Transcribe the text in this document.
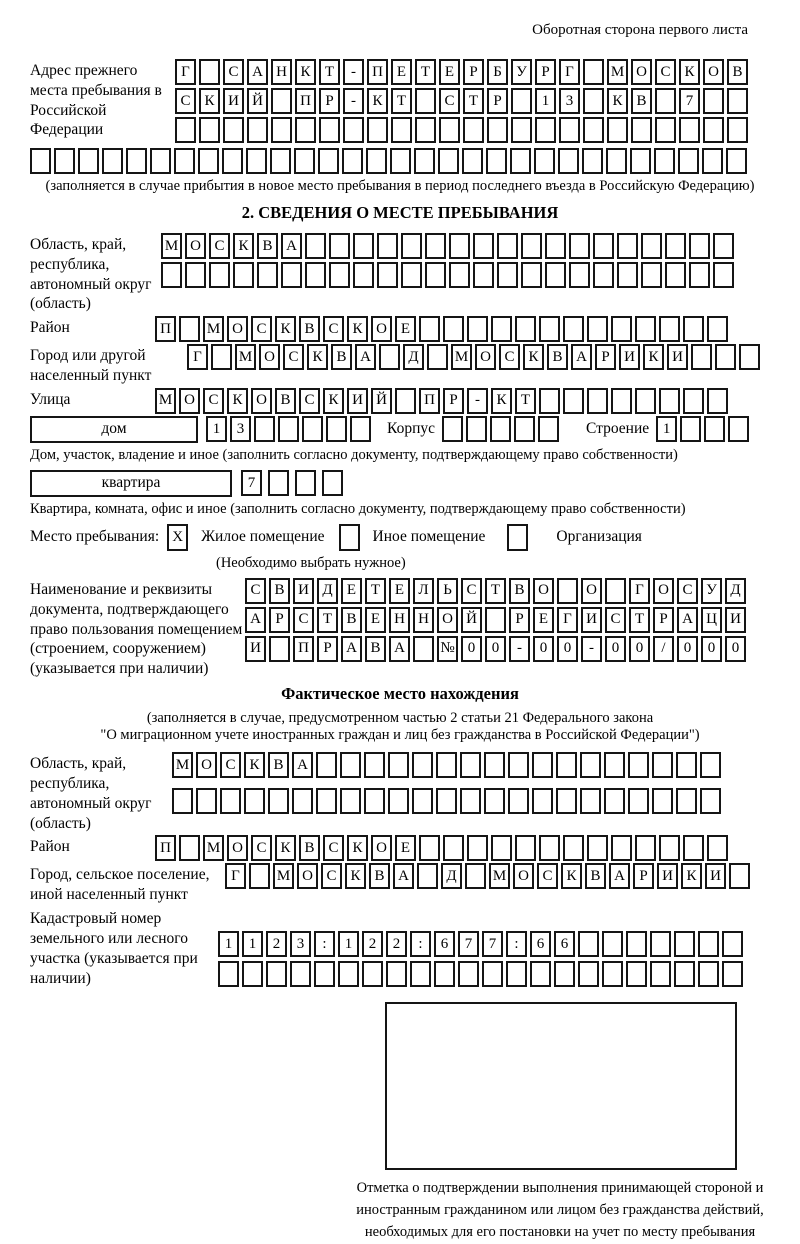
Оборотная сторона первого листа
Адрес прежнего места пребывания в Российской Федерации
Г	С А Н К Т	-	П Е Т Е	Р	Б У Р	Г	М О С К О В
С К И Й	П Р	-	К Т	С Т	Р	1	3	К В	7
(заполняется в случае прибытия в новое место пребывания в период последнего въезда в Российскую Федерацию)
2. СВЕДЕНИЯ О МЕСТЕ ПРЕБЫВАНИЯ
Область, край, республика, автономный округ (область)
М О С К В А
Район	П	М О С К В С К О Е
Город или другой населенный пункт
Г	М О С К В А	Д	М О С К В А Р И К И
Улица	М О С К О В С К И Й	П Р	-	К Т
дом	1	3	Корпус	Строение 1
Дом, участок, владение и иное (заполнить согласно документу, подтверждающему право собственности)
квартира	7
Квартира, комната, офис и иное (заполнить согласно документу, подтверждающему право собственности)
Место пребывания: X	Жилое помещение	Иное помещение	Организация
(Необходимо выбрать нужное)
Наименование и реквизиты документа, подтверждающего право пользования помещением (строением, сооружением) (указывается при наличии)
С В И Д Е Т Е Л Ь С Т В О	О	Г О С У Д
А Р С Т В Е Н Н О Й	Р	Е	Г И С Т	Р А Ц И
И	П Р А В А	№ 0	0	-	0	0	-	0	0	/	0	0	0
Фактическое место нахождения
(заполняется в случае, предусмотренном частью 2 статьи 21 Федерального закона
"О миграционном учете иностранных граждан и лиц без гражданства в Российской Федерации")
Область, край, республика, автономный округ (область)
М О С К В А
Район	П	М О С К В С К О Е
Город, сельское поселение, иной населенный пункт
Г	М О С К В А	Д	М О С К В А Р И К И
Кадастровый номер земельного или лесного участка (указывается при наличии)
1	1	2	3	:	1	2	2	:	6	7	7	:	6	6
Отметка о подтверждении выполнения принимающей стороной и иностранным гражданином или лицом без гражданства действий, необходимых для его постановки на учет по месту пребывания
